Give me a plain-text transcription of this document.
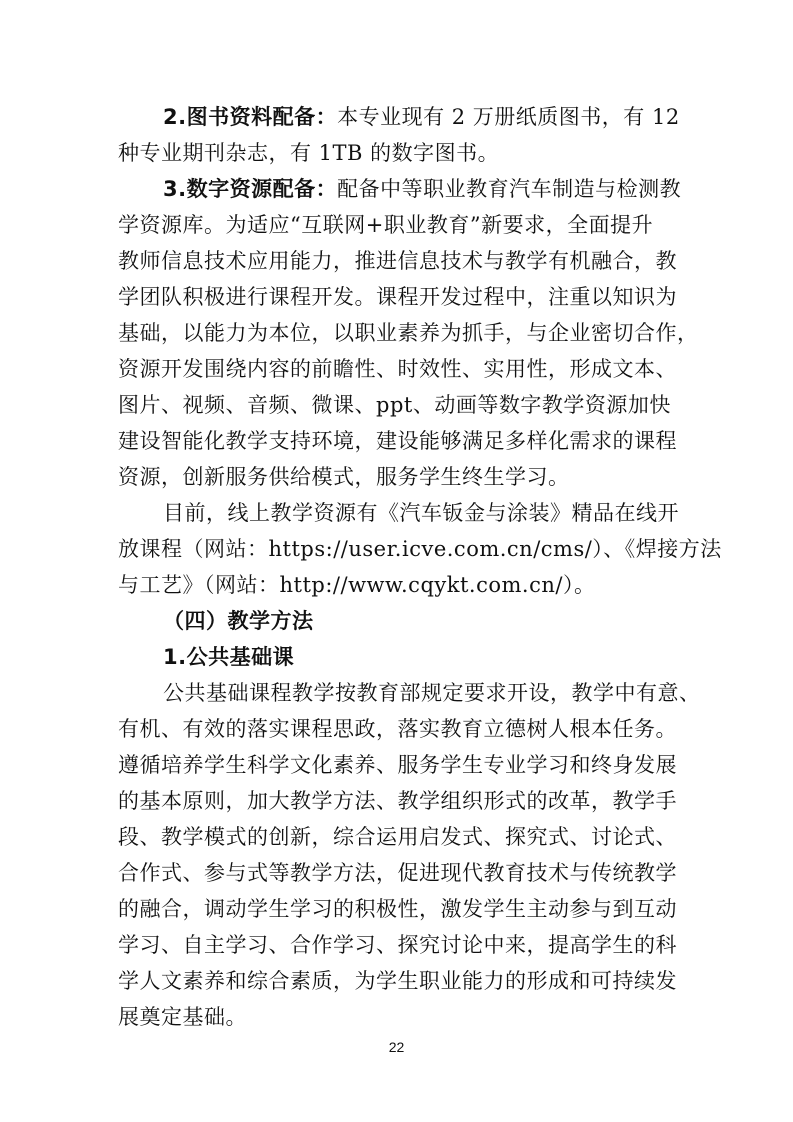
2.图书资料配备：本专业现有 2 万册纸质图书，有 12
种专业期刊杂志，有 1TB 的数字图书。
3.数字资源配备：配备中等职业教育汽车制造与检测教
学资源库。为适应“互联网+职业教育”新要求，全面提升
教师信息技术应用能力，推进信息技术与教学有机融合，教
学团队积极进行课程开发。课程开发过程中，注重以知识为
基础，以能力为本位，以职业素养为抓手，与企业密切合作，
资源开发围绕内容的前瞻性、时效性、实用性，形成文本、
图片、视频、音频、微课、ppt、动画等数字教学资源加快
建设智能化教学支持环境，建设能够满足多样化需求的课程
资源，创新服务供给模式，服务学生终生学习。
目前，线上教学资源有《汽车钣金与涂装》精品在线开
放课程（网站：https://user.icve.com.cn/cms/）、《焊接方法
与工艺》（网站：http://www.cqykt.com.cn/）。
（四）教学方法
1.公共基础课
公共基础课程教学按教育部规定要求开设，教学中有意、
有机、有效的落实课程思政，落实教育立德树人根本任务。
遵循培养学生科学文化素养、服务学生专业学习和终身发展
的基本原则，加大教学方法、教学组织形式的改革，教学手
段、教学模式的创新，综合运用启发式、探究式、讨论式、
合作式、参与式等教学方法，促进现代教育技术与传统教学
的融合，调动学生学习的积极性，激发学生主动参与到互动
学习、自主学习、合作学习、探究讨论中来，提高学生的科
学人文素养和综合素质，为学生职业能力的形成和可持续发
展奠定基础。
22
